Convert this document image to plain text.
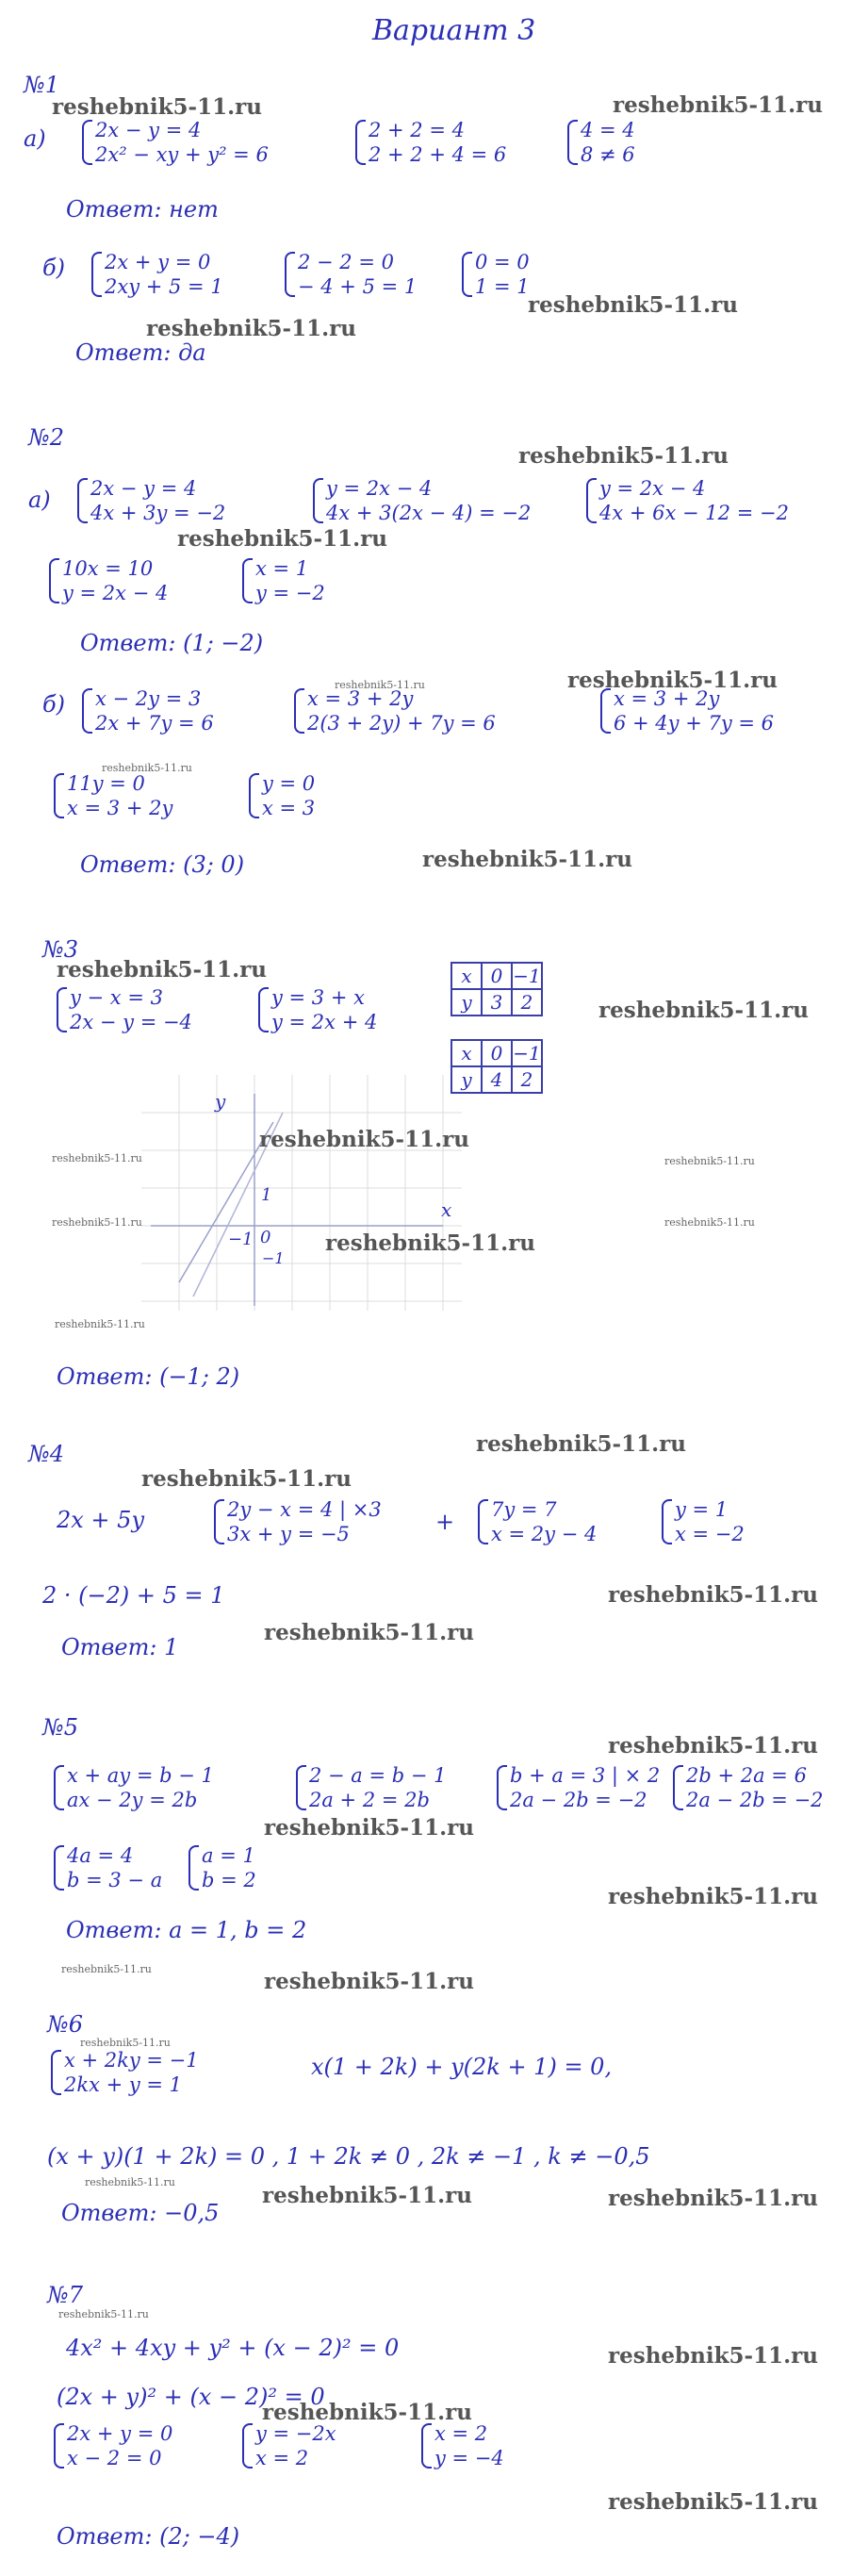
Вариант 3
№1
reshebnik5-11.ru	reshebnik5-11.ru
а) 2x − y = 4
2x² − xy + y² = 6
2 + 2 = 4
2 + 2 + 4 = 6
4 = 4
8 ≠ 6
Ответ: нет
б) 2x + y = 0
2xy + 5 = 1
2 − 2 = 0
− 4 + 5 = 1
0 = 0
1 = 1
reshebnik5-11.ru
reshebnik5-11.ru
Ответ: да
№2
reshebnik5-11.ru
а) 2x − y = 4
4x + 3y = −2
y = 2x − 4
4x + 3(2x − 4) = −2
y = 2x − 4
4x + 6x − 12 = −2
reshebnik5-11.ru
10x = 10
y = 2x − 4
x = 1
y = −2
Ответ: (1; −2)
б)
reshebnik5-11.ru	reshebnik5-11.ru
x − 2y = 3
2x + 7y = 6
x = 3 + 2y
2(3 + 2y) + 7y = 6
x = 3 + 2y
6 + 4y + 7y = 6
reshebnik5-11.ru
11y = 0
x = 3 + 2y
y = 0
x = 3
reshebnik5-11.ru
Ответ: (3; 0)
№3
reshebnik5-11.ru
y − x = 3
2x − y = −4
y = 3 + x
y = 2x + 4
x	0	−1
y	3	2	reshebnik5-11.ru
x	0	−1
y	4	2
y
x
1
−1 0
−1
reshebnik5-11.ru
reshebnik5-11.ru	reshebnik5-11.ru
reshebnik5-11.ru	reshebnik5-11.ru
reshebnik5-11.ru
reshebnik5-11.ru
Ответ: (−1; 2)
№4	reshebnik5-11.ru
reshebnik5-11.ru
2x + 5y	2y − x = 4 | ×3
3x + y = −5	+ 7y = 7
x = 2y − 4
y = 1
x = −2
2 · (−2) + 5 = 1	reshebnik5-11.ru
reshebnik5-11.ru
Ответ: 1
№5
reshebnik5-11.ru
x + ay = b − 1
ax − 2y = 2b
2 − a = b − 1
2a + 2 = 2b
b + a = 3 | × 2
2a − 2b = −2
2b + 2a = 6
2a − 2b = −2
reshebnik5-11.ru
4a = 4
b = 3 − a
a = 1
b = 2
reshebnik5-11.ru
Ответ: a = 1, b = 2
reshebnik5-11.ru	reshebnik5-11.ru
№6
reshebnik5-11.ru
x + 2ky = −1
2kx + y = 1
x(1 + 2k) + y(2k + 1) = 0,
(x + y)(1 + 2k) = 0 , 1 + 2k ≠ 0 , 2k ≠ −1 , k ≠ −0,5
reshebnik5-11.ru
reshebnik5-11.ru	reshebnik5-11.ru
Ответ: −0,5
№7
reshebnik5-11.ru
4x² + 4xy + y² + (x − 2)² = 0	reshebnik5-11.ru
(2x + y)² + (x − 2)² = 0
reshebnik5-11.ru
2x + y = 0
x − 2 = 0
y = −2x
x = 2
x = 2
y = −4
reshebnik5-11.ru
Ответ: (2; −4)
